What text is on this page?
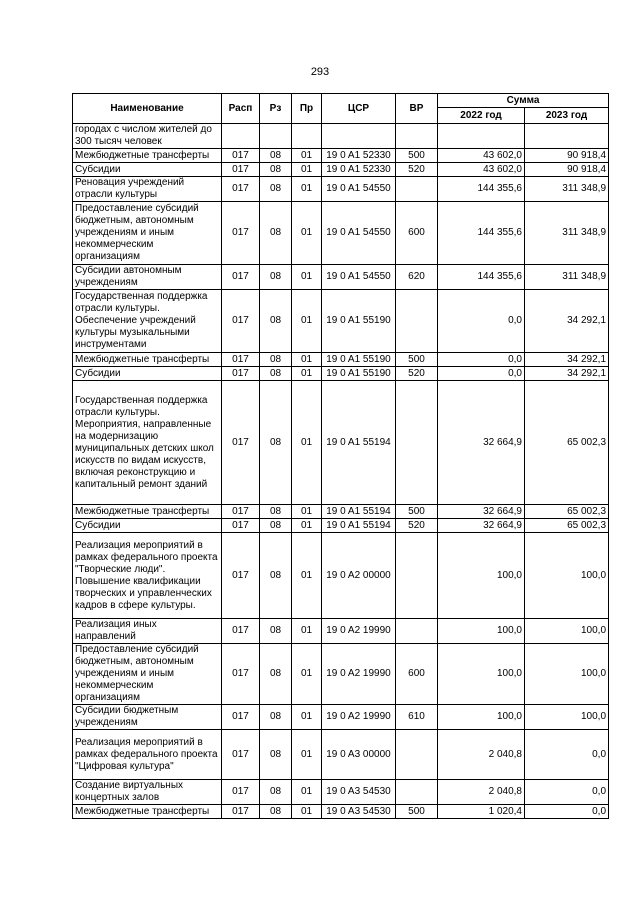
293
Наименование	Расп	Рз	Пр	ЦСР	ВР	Сумма	
						2022 год	2023 год
городах с числом жителей до 300 тысяч человек							
Межбюджетные трансферты	017	08	01	19 0 A1 52330	500	43 602,0	90 918,4
Субсидии	017	08	01	19 0 A1 52330	520	43 602,0	90 918,4
Реновация учреждений отрасли культуры	017	08	01	19 0 A1 54550		144 355,6	311 348,9
Предоставление субсидий бюджетным, автономным учреждениям и иным некоммерческим организациям	017	08	01	19 0 A1 54550	600	144 355,6	311 348,9
Субсидии автономным учреждениям	017	08	01	19 0 A1 54550	620	144 355,6	311 348,9
Государственная поддержка отрасли культуры. Обеспечение учреждений культуры музыкальными инструментами	017	08	01	19 0 A1 55190		0,0	34 292,1
Межбюджетные трансферты	017	08	01	19 0 A1 55190	500	0,0	34 292,1
Субсидии	017	08	01	19 0 A1 55190	520	0,0	34 292,1
Государственная поддержка отрасли культуры. Мероприятия, направленные на модернизацию муниципальных детских школ искусств по видам искусств, включая реконструкцию и капитальный ремонт зданий	017	08	01	19 0 A1 55194		32 664,9	65 002,3
Межбюджетные трансферты	017	08	01	19 0 A1 55194	500	32 664,9	65 002,3
Субсидии	017	08	01	19 0 A1 55194	520	32 664,9	65 002,3
Реализация мероприятий в рамках федерального проекта "Творческие люди". Повышение квалификации творческих и управленческих кадров в сфере культуры.	017	08	01	19 0 A2 00000		100,0	100,0
Реализация иных направлений	017	08	01	19 0 A2 19990		100,0	100,0
Предоставление субсидий бюджетным, автономным учреждениям и иным некоммерческим организациям	017	08	01	19 0 A2 19990	600	100,0	100,0
Субсидии бюджетным учреждениям	017	08	01	19 0 A2 19990	610	100,0	100,0
Реализация мероприятий в рамках федерального проекта "Цифровая культура"	017	08	01	19 0 A3 00000		2 040,8	0,0
Создание виртуальных концертных залов	017	08	01	19 0 A3 54530		2 040,8	0,0
Межбюджетные трансферты	017	08	01	19 0 A3 54530	500	1 020,4	0,0
